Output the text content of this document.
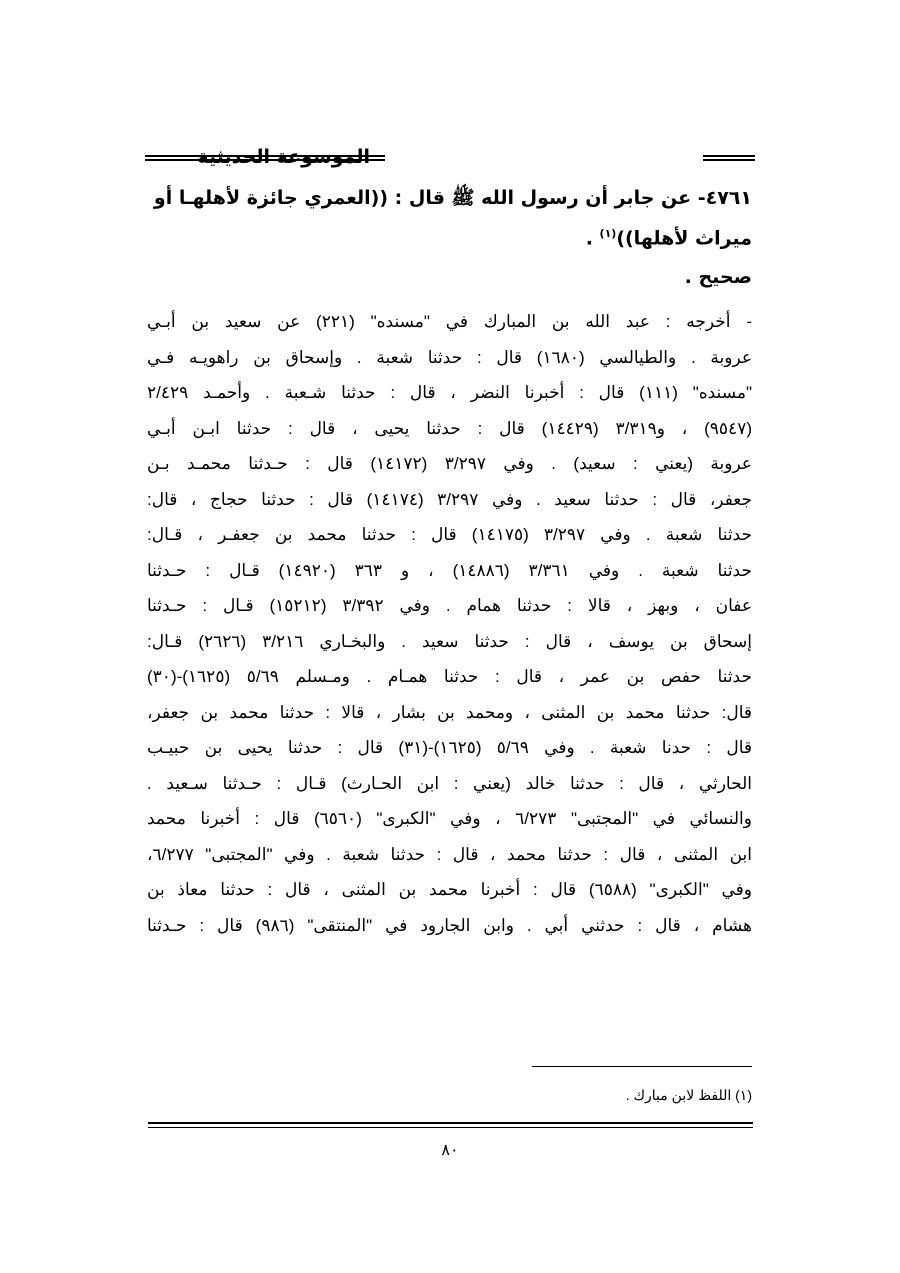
الموسوعة الحديثية
٤٧٦١- عن جابر أن رسول الله ﷺ قال : ((العمري جائزة لأهلهـا أو
ميراث لأهلها))$^{(١)}$ .
صحيح .
- أخرجه : عبد الله بن المبارك في "مسنده" (٢٢١) عن سعيد بن أبـي
عروبة . والطيالسي (١٦٨٠) قال : حدثنا شعبة . وإسحاق بن راهويـه فـي
"مسنده" (١١١) قال : أخبرنا النضر ، قال : حدثنا شـعبة . وأحمـد ٢/٤٢٩
(٩٥٤٧) ، و٣/٣١٩ (١٤٤٢٩) قال : حدثنا يحيى ، قال : حدثنا ابـن أبـي
عروبة (يعني : سعيد) . وفي ٣/٢٩٧ (١٤١٧٢) قال : حـدثنا محمـد بـن
جعفر، قال : حدثنا سعيد . وفي ٣/٢٩٧ (١٤١٧٤) قال : حدثنا حجاج ، قال:
حدثنا شعبة . وفي ٣/٢٩٧ (١٤١٧٥) قال : حدثنا محمد بن جعفـر ، قـال:
حدثنا شعبة . وفي ٣/٣٦١ (١٤٨٨٦) ، و ٣٦٣ (١٤٩٢٠) قـال : حـدثنا
عفان ، وبهز ، قالا : حدثنا همام . وفي ٣/٣٩٢ (١٥٢١٢) قـال : حـدثنا
إسحاق بن يوسف ، قال : حدثنا سعيد . والبخـاري ٣/٢١٦ (٢٦٢٦) قـال:
حدثنا حفص بن عمر ، قال : حدثنا همـام . ومـسلم ٥/٦٩ (١٦٢٥)-(٣٠)
قال: حدثنا محمد بن المثنى ، ومحمد بن بشار ، قالا : حدثنا محمد بن جعفر،
قال : حدنا شعبة . وفي ٥/٦٩ (١٦٢٥)-(٣١) قال : حدثنا يحيى بن حبيـب
الحارثي ، قال : حدثنا خالد (يعني : ابن الحـارث) قـال : حـدثنا سـعيد .
والنسائي في "المجتبى" ٦/٢٧٣ ، وفي "الكبرى" (٦٥٦٠) قال : أخبرنا محمد
ابن المثنى ، قال : حدثنا محمد ، قال : حدثنا شعبة . وفي "المجتبى" ٦/٢٧٧،
وفي "الكبرى" (٦٥٨٨) قال : أخبرنا محمد بن المثنى ، قال : حدثنا معاذ بن
هشام ، قال : حدثني أبي . وابن الجارود في "المنتقى" (٩٨٦) قال : حـدثنا
(١) اللفظ لابن مبارك .
٨٠
